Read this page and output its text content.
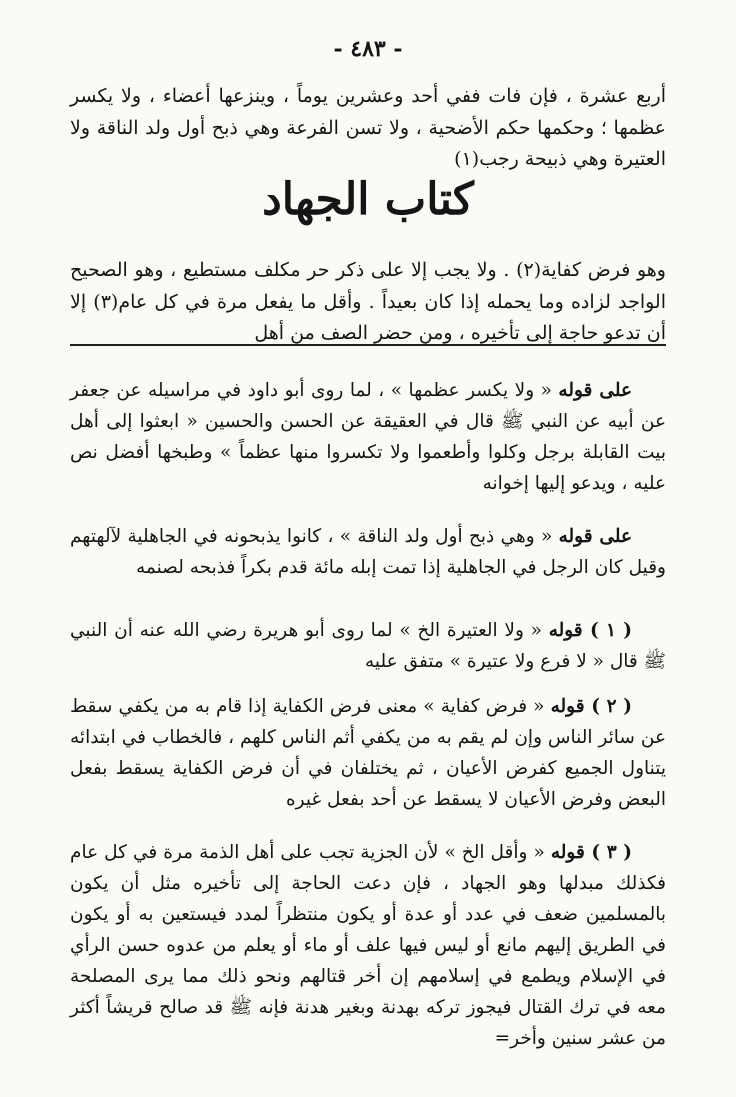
- ٤٨٣ -

أربع عشرة ، فإن فات ففي أحد وعشرين يوماً ، وينزعها أعضاء ، ولا يكسر عظمها ؛ وحكمها حكم الأضحية ، ولا تسن الفرعة وهي ذبح أول ولد الناقة ولا العتيرة وهي ذبيحة رجب(١)

كتاب الجهاد

وهو فرض كفاية(٢) . ولا يجب إلا على ذكر حر مكلف مستطيع ، وهو الصحيح الواجد لزاده وما يحمله إذا كان بعيداً . وأقل ما يفعل مرة في كل عام(٣) إلا أن تدعو حاجة إلى تأخيره ، ومن حضر الصف من أهل

على قوله « ولا يكسر عظمها » ، لما روى أبو داود في مراسيله عن جعفر عن أبيه عن النبي ﷺ قال في العقيقة عن الحسن والحسين « ابعثوا إلى أهل بيت القابلة برجل وكلوا وأطعموا ولا تكسروا منها عظماً » وطبخها أفضل نص عليه ، ويدعو إليها إخوانه

على قوله « وهي ذبح أول ولد الناقة » ، كانوا يذبحونه في الجاهلية لآلهتهم وقيل كان الرجل في الجاهلية إذا تمت إبله مائة قدم بكراً فذبحه لصنمه

( ١ ) قوله « ولا العتيرة الخ » لما روى أبو هريرة رضي الله عنه أن النبي ﷺ قال « لا فرع ولا عتيرة » متفق عليه

( ٢ ) قوله « فرض كفاية » معنى فرض الكفاية إذا قام به من يكفي سقط عن سائر الناس وإن لم يقم به من يكفي أثم الناس كلهم ، فالخطاب في ابتدائه يتناول الجميع كفرض الأعيان ، ثم يختلفان في أن فرض الكفاية يسقط بفعل البعض وفرض الأعيان لا يسقط عن أحد بفعل غيره

( ٣ ) قوله « وأقل الخ » لأن الجزية تجب على أهل الذمة مرة في كل عام فكذلك مبدلها وهو الجهاد ، فإن دعت الحاجة إلى تأخيره مثل أن يكون بالمسلمين ضعف في عدد أو عدة أو يكون منتظراً لمدد فيستعين به أو يكون في الطريق إليهم مانع أو ليس فيها علف أو ماء أو يعلم من عدوه حسن الرأي في الإسلام ويطمع في إسلامهم إن أخر قتالهم ونحو ذلك مما يرى المصلحة معه في ترك القتال فيجوز تركه بهدنة وبغير هدنة فإنه ﷺ قد صالح قريشاً أكثر من عشر سنين وأخر=
